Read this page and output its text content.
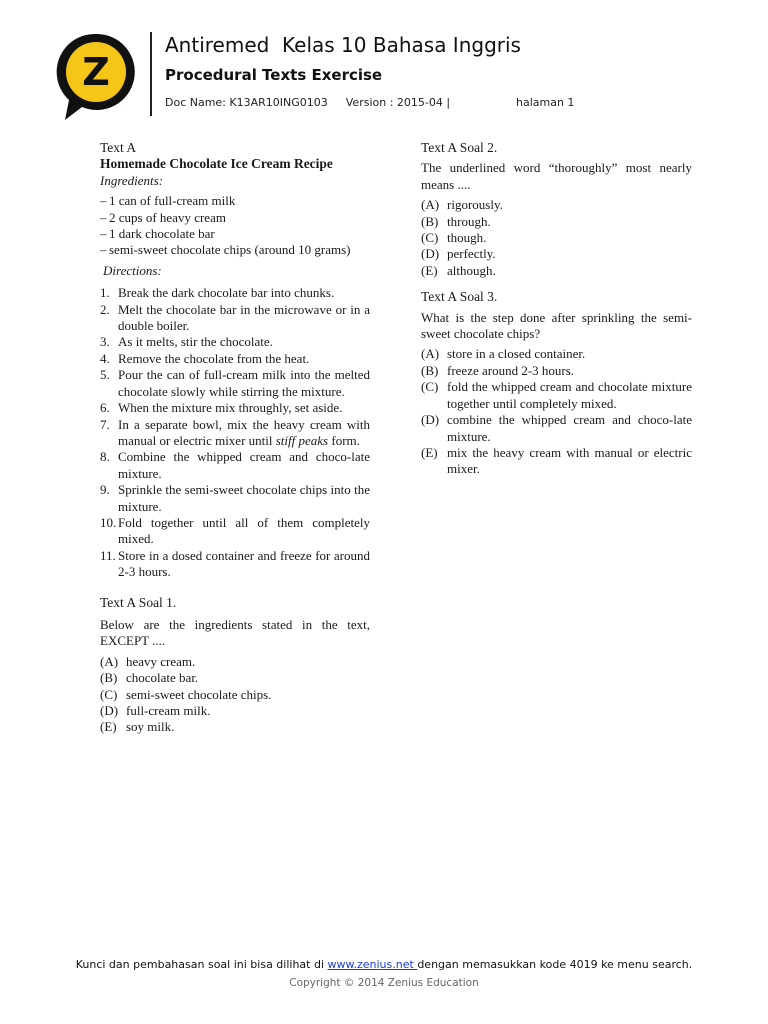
Z
Antiremed  Kelas 10 Bahasa Inggris
Procedural Texts Exercise
Doc Name: K13AR10ING0103 Version : 2015-04 |	halaman 1
Text A
Homemade Chocolate Ice Cream Recipe
Ingredients:
– 1 can of full-cream milk
– 2 cups of heavy cream
– 1 dark chocolate bar
– semi-sweet chocolate chips (around 10 grams)
Directions:
1. Break the dark chocolate bar into chunks.
2. Melt the chocolate bar in the microwave or in a double boiler.
3. As it melts, stir the chocolate.
4. Remove the chocolate from the heat.
5. Pour the can of full-cream milk into the melted chocolate slowly while stirring the mixture.
6. When the mixture mix throughly, set aside.
7. In a separate bowl, mix the heavy cream with manual or electric mixer until stiff peaks form.
8. Combine the whipped cream and choco-late mixture.
9. Sprinkle the semi-sweet chocolate chips into the mixture.
10. Fold together until all of them completely mixed.
11. Store in a dosed container and freeze for around 2-3 hours.
Text A Soal 1.
Below are the ingredients stated in the text, EXCEPT ....
(A) heavy cream.
(B) chocolate bar.
(C) semi-sweet chocolate chips.
(D) full-cream milk.
(E) soy milk.
Text A Soal 2.
The underlined word “thoroughly” most nearly means ....
(A) rigorously.
(B) through.
(C) though.
(D) perfectly.
(E) although.
Text A Soal 3.
What is the step done after sprinkling the semi-sweet chocolate chips?
(A) store in a closed container.
(B) freeze around 2-3 hours.
(C) fold the whipped cream and chocolate mixture together until completely mixed.
(D) combine the whipped cream and choco-late mixture.
(E) mix the heavy cream with manual or electric mixer.
Kunci dan pembahasan soal ini bisa dilihat di www.zenius.net dengan memasukkan kode 4019 ke menu search.
Copyright © 2014 Zenius Education
